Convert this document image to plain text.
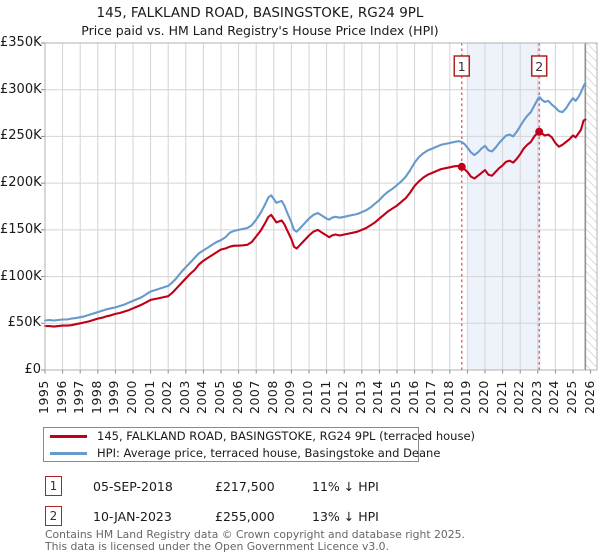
145, FALKLAND ROAD, BASINGSTOKE, RG24 9PL
Price paid vs. HM Land Registry's House Price Index (HPI)
1	2
£0
£50K
£100K
£150K
£200K
£250K
£300K
£350K
1995 1996 1997 1998 1999 2000 2001 2002 2003 2004 2005 2006 2007 2008 2009 2010 2011 2012 2013 2014 2015 2016 2017 2018 2019 2020 2021 2022 2023 2024 2025 2026
145, FALKLAND ROAD, BASINGSTOKE, RG24 9PL (terraced house)
HPI: Average price, terraced house, Basingstoke and Deane
1	05-SEP-2018	£217,500	11% ↓ HPI
2	10-JAN-2023	£255,000	13% ↓ HPI
Contains HM Land Registry data © Crown copyright and database right 2025.
This data is licensed under the Open Government Licence v3.0.
